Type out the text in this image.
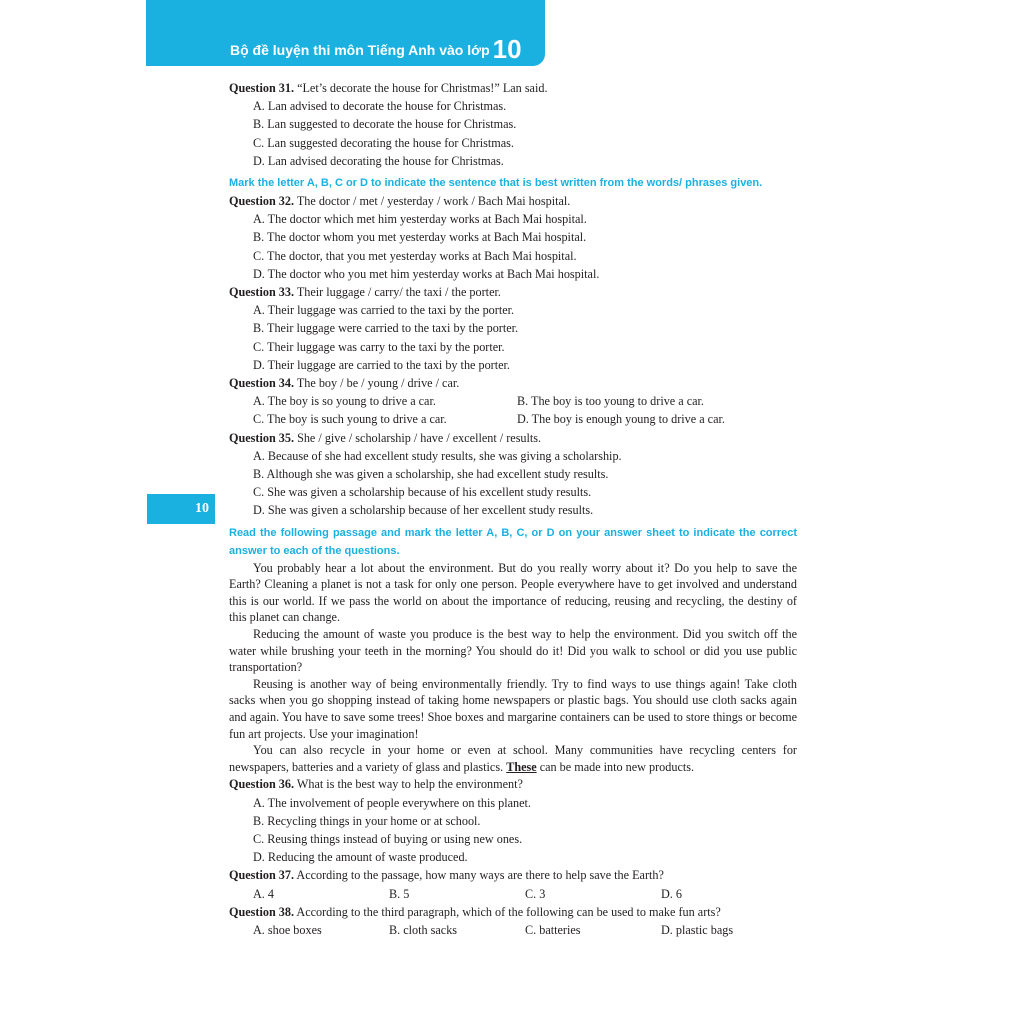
Bộ đề luyện thi môn Tiếng Anh vào lớp 10
10

Question 31. “Let’s decorate the house for Christmas!” Lan said.

A. Lan advised to decorate the house for Christmas.

B. Lan suggested to decorate the house for Christmas.

C. Lan suggested decorating the house for Christmas.

D. Lan advised decorating the house for Christmas.

Mark the letter A, B, C or D to indicate the sentence that is best written from the words/ phrases given.

Question 32. The doctor / met / yesterday / work / Bach Mai hospital.

A. The doctor which met him yesterday works at Bach Mai hospital.

B. The doctor whom you met yesterday works at Bach Mai hospital.

C. The doctor, that you met yesterday works at Bach Mai hospital.

D. The doctor who you met him yesterday works at Bach Mai hospital.

Question 33. Their luggage / carry/ the taxi / the porter.

A. Their luggage was carried to the taxi by the porter.

B. Their luggage were carried to the taxi by the porter.

C. Their luggage was carry to the taxi by the porter.

D. Their luggage are carried to the taxi by the porter.

Question 34. The boy / be / young / drive / car.

A. The boy is so young to drive a car.	B. The boy is too young to drive a car.

C. The boy is such young to drive a car.	D. The boy is enough young to drive a car.

Question 35. She / give / scholarship / have / excellent / results.

A. Because of she had excellent study results, she was giving a scholarship.

B. Although she was given a scholarship, she had excellent study results.

C. She was given a scholarship because of his excellent study results.

D. She was given a scholarship because of her excellent study results.

Read the following passage and mark the letter A, B, C, or D on your answer sheet to indicate the correct answer to each of the questions.

You probably hear a lot about the environment. But do you really worry about it? Do you help to save the Earth? Cleaning a planet is not a task for only one person. People everywhere have to get involved and understand this is our world. If we pass the world on about the importance of reducing, reusing and recycling, the destiny of this planet can change.

Reducing the amount of waste you produce is the best way to help the environment. Did you switch off the water while brushing your teeth in the morning? You should do it! Did you walk to school or did you use public transportation?

Reusing is another way of being environmentally friendly. Try to find ways to use things again! Take cloth sacks when you go shopping instead of taking home newspapers or plastic bags. You should use cloth sacks again and again. You have to save some trees! Shoe boxes and margarine containers can be used to store things or become fun art projects. Use your imagination!

You can also recycle in your home or even at school. Many communities have recycling centers for newspapers, batteries and a variety of glass and plastics. These can be made into new products.

Question 36. What is the best way to help the environment?

A. The involvement of people everywhere on this planet.

B. Recycling things in your home or at school.

C. Reusing things instead of buying or using new ones.

D. Reducing the amount of waste produced.

Question 37. According to the passage, how many ways are there to help save the Earth?

A. 4	B. 5	C. 3	D. 6

Question 38. According to the third paragraph, which of the following can be used to make fun arts?

A. shoe boxes	B. cloth sacks	C. batteries	D. plastic bags
